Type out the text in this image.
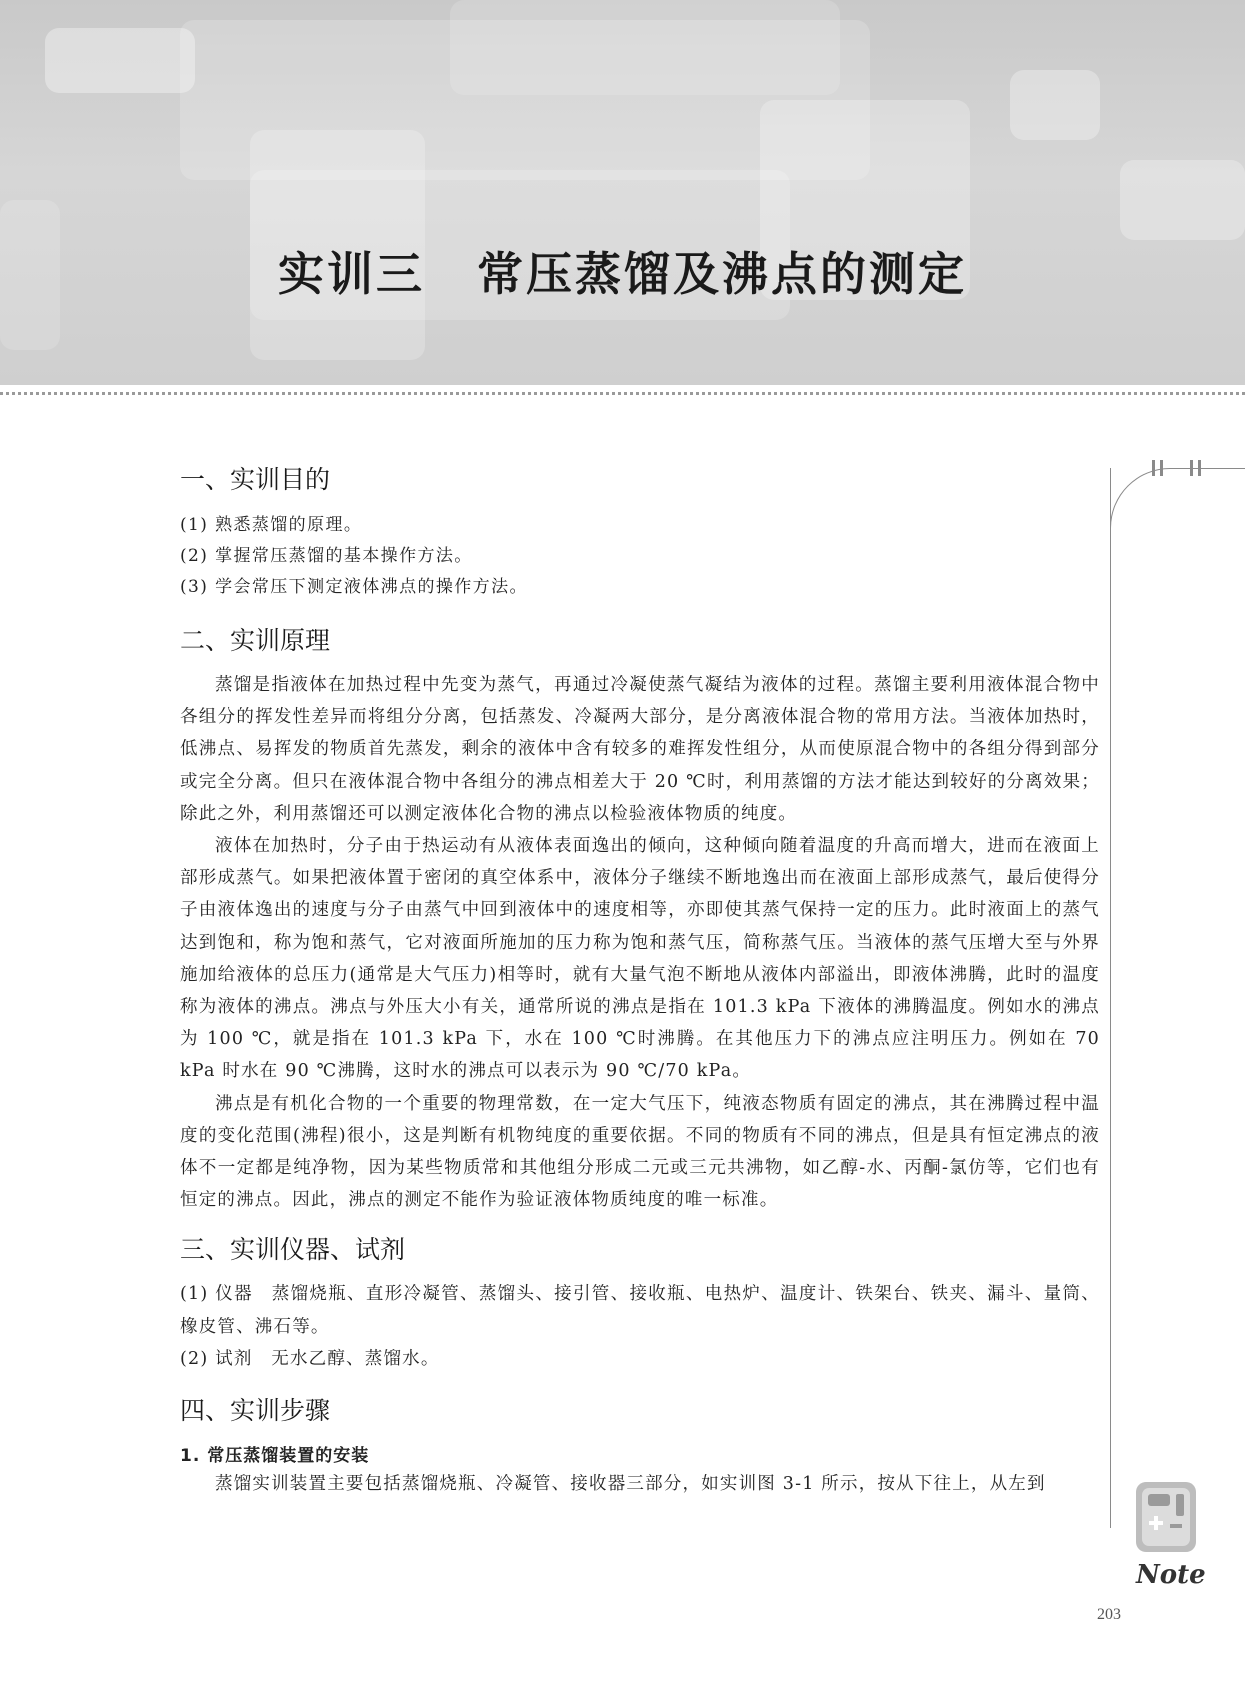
实训三 常压蒸馏及沸点的测定
Note
一、实训目的

(1) 熟悉蒸馏的原理。

(2) 掌握常压蒸馏的基本操作方法。

(3) 学会常压下测定液体沸点的操作方法。

二、实训原理

蒸馏是指液体在加热过程中先变为蒸气，再通过冷凝使蒸气凝结为液体的过程。蒸馏主要利用液体混合物中各组分的挥发性差异而将组分分离，包括蒸发、冷凝两大部分，是分离液体混合物的常用方法。当液体加热时，低沸点、易挥发的物质首先蒸发，剩余的液体中含有较多的难挥发性组分，从而使原混合物中的各组分得到部分或完全分离。但只在液体混合物中各组分的沸点相差大于 20 ℃时，利用蒸馏的方法才能达到较好的分离效果；除此之外，利用蒸馏还可以测定液体化合物的沸点以检验液体物质的纯度。

液体在加热时，分子由于热运动有从液体表面逸出的倾向，这种倾向随着温度的升高而增大，进而在液面上部形成蒸气。如果把液体置于密闭的真空体系中，液体分子继续不断地逸出而在液面上部形成蒸气，最后使得分子由液体逸出的速度与分子由蒸气中回到液体中的速度相等，亦即使其蒸气保持一定的压力。此时液面上的蒸气达到饱和，称为饱和蒸气，它对液面所施加的压力称为饱和蒸气压，简称蒸气压。当液体的蒸气压增大至与外界施加给液体的总压力(通常是大气压力)相等时，就有大量气泡不断地从液体内部溢出，即液体沸腾，此时的温度称为液体的沸点。沸点与外压大小有关，通常所说的沸点是指在 101.3 kPa 下液体的沸腾温度。例如水的沸点为 100 ℃，就是指在 101.3 kPa 下，水在 100 ℃时沸腾。在其他压力下的沸点应注明压力。例如在 70 kPa 时水在 90 ℃沸腾，这时水的沸点可以表示为 90 ℃/70 kPa。

沸点是有机化合物的一个重要的物理常数，在一定大气压下，纯液态物质有固定的沸点，其在沸腾过程中温度的变化范围(沸程)很小，这是判断有机物纯度的重要依据。不同的物质有不同的沸点，但是具有恒定沸点的液体不一定都是纯净物，因为某些物质常和其他组分形成二元或三元共沸物，如乙醇-水、丙酮-氯仿等，它们也有恒定的沸点。因此，沸点的测定不能作为验证液体物质纯度的唯一标准。

三、实训仪器、试剂

(1) 仪器　蒸馏烧瓶、直形冷凝管、蒸馏头、接引管、接收瓶、电热炉、温度计、铁架台、铁夹、漏斗、量筒、橡皮管、沸石等。

(2) 试剂　无水乙醇、蒸馏水。

四、实训步骤
1. 常压蒸馏装置的安装

蒸馏实训装置主要包括蒸馏烧瓶、冷凝管、接收器三部分，如实训图 3-1 所示，按从下往上，从左到

203
